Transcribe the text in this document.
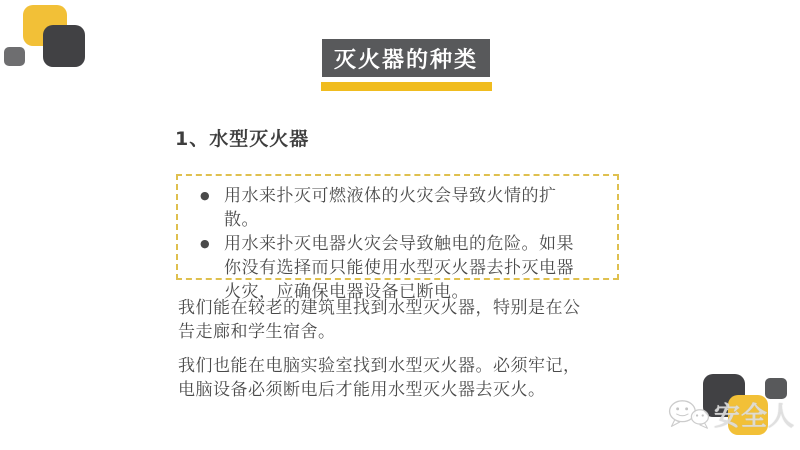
灭火器的种类
1、水型灭火器
● 用水来扑灭可燃液体的火灾会导致火情的扩散。
● 用水来扑灭电器火灾会导致触电的危险。如果你没有选择而只能使用水型灭火器去扑灭电器火灾，应确保电器设备已断电。

我们能在较老的建筑里找到水型灭火器，特别是在公告走廊和学生宿舍。

我们也能在电脑实验室找到水型灭火器。必须牢记，电脑设备必须断电后才能用水型灭火器去灭火。

安全人
